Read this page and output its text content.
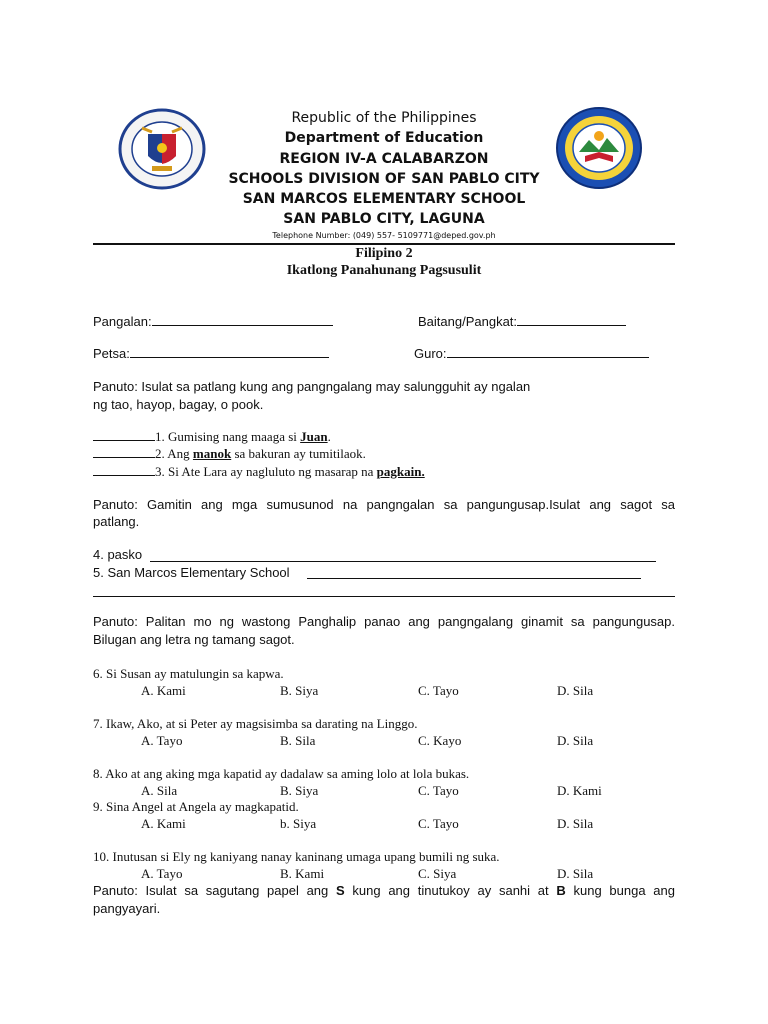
Republic of the Philippines
Department of Education
REGION IV-A CALABARZON
SCHOOLS DIVISION OF SAN PABLO CITY
SAN MARCOS ELEMENTARY SCHOOL
SAN PABLO CITY, LAGUNA
Telephone Number: (049) 557- 5109771@deped.gov.ph
Filipino 2
Ikatlong Panahunang Pagsusulit
Pangalan:	Baitang/Pangkat:
Petsa:	Guro:
Panuto: Isulat sa patlang kung ang pangngalang may salungguhit ay ngalan
ng tao, hayop, bagay, o pook.
1. Gumising nang maaga si Juan.
2. Ang manok sa bakuran ay tumitilaok.
3. Si Ate Lara ay nagluluto ng masarap na pagkain.
Panuto: Gamitin ang mga sumusunod na pangngalan sa pangungusap.Isulat ang sagot sa
patlang.
4. pasko
5. San Marcos Elementary School
Panuto: Palitan mo ng wastong Panghalip panao ang pangngalang ginamit sa pangungusap.
Bilugan ang letra ng tamang sagot.
6. Si Susan ay matulungin sa kapwa.
A. Kami	B. Siya	C. Tayo	D. Sila
7. Ikaw, Ako, at si Peter ay magsisimba sa darating na Linggo.
A. Tayo	B. Sila	C. Kayo	D. Sila
8. Ako at ang aking mga kapatid ay dadalaw sa aming lolo at lola bukas.
A. Sila	B. Siya	C. Tayo	D. Kami
9. Sina Angel at Angela ay magkapatid.
A. Kami	b. Siya	C. Tayo	D. Sila
10. Inutusan si Ely ng kaniyang nanay kaninang umaga upang bumili ng suka.
A. Tayo	B. Kami	C. Siya	D. Sila
Panuto: Isulat sa sagutang papel ang S kung ang tinutukoy ay sanhi at B kung bunga ang
pangyayari.
